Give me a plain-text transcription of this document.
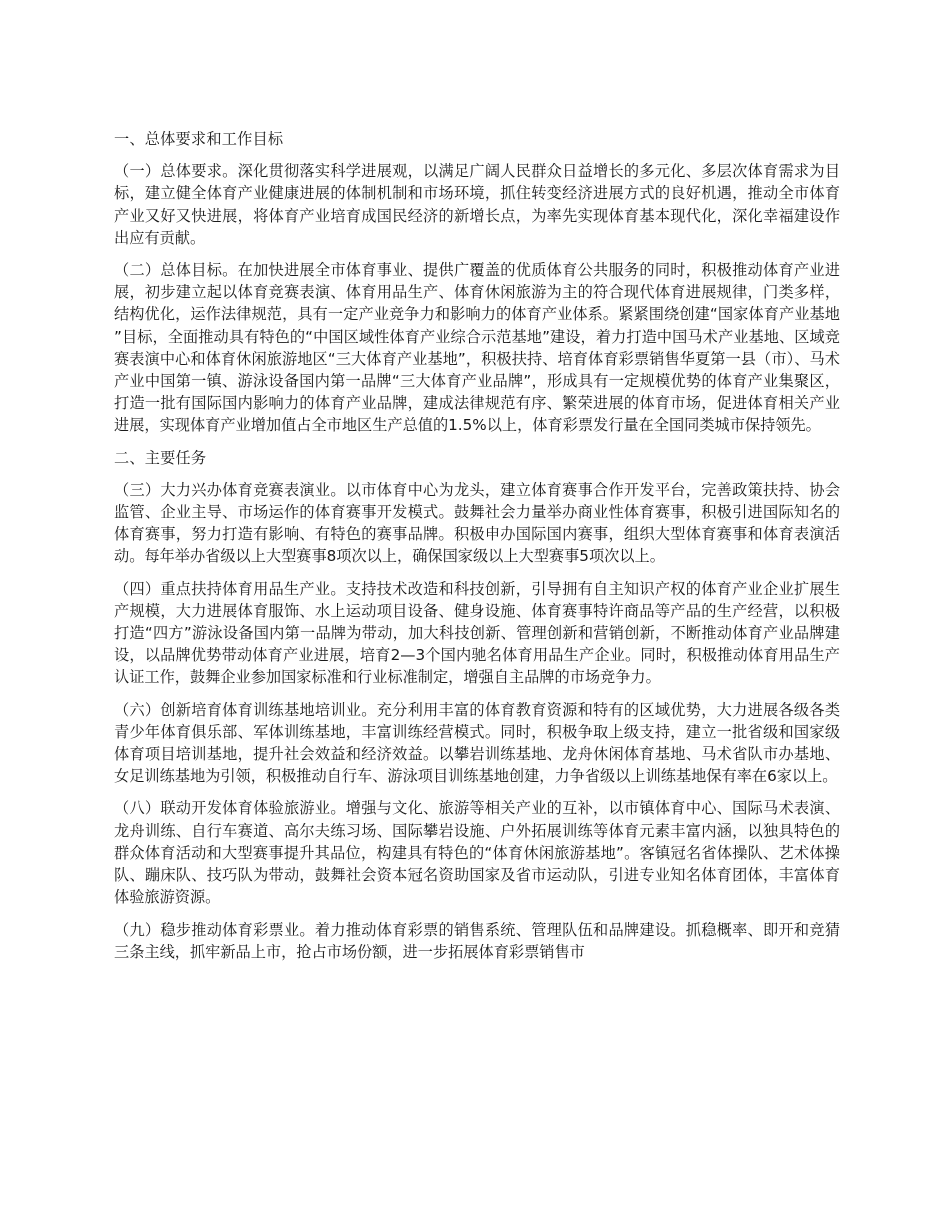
一、总体要求和工作目标
（一）总体要求。深化贯彻落实科学进展观，以满足广阔人民群众日益增长的多元化、多层次体育需求为目标，建立健全体育产业健康进展的体制机制和市场环境，抓住转变经济进展方式的良好机遇，推动全市体育产业又好又快进展，将体育产业培育成国民经济的新增长点，为率先实现体育基本现代化，深化幸福建设作出应有贡献。
（二）总体目标。在加快进展全市体育事业、提供广覆盖的优质体育公共服务的同时，积极推动体育产业进展，初步建立起以体育竞赛表演、体育用品生产、体育休闲旅游为主的符合现代体育进展规律，门类多样，结构优化，运作法律规范，具有一定产业竞争力和影响力的体育产业体系。紧紧围绕创建“国家体育产业基地”目标，全面推动具有特色的“中国区域性体育产业综合示范基地”建设，着力打造中国马术产业基地、区域竞赛表演中心和体育休闲旅游地区“三大体育产业基地”，积极扶持、培育体育彩票销售华夏第一县（市）、马术产业中国第一镇、游泳设备国内第一品牌“三大体育产业品牌”，形成具有一定规模优势的体育产业集聚区，打造一批有国际国内影响力的体育产业品牌，建成法律规范有序、繁荣进展的体育市场，促进体育相关产业进展，实现体育产业增加值占全市地区生产总值的1.5%以上，体育彩票发行量在全国同类城市保持领先。
二、主要任务
（三）大力兴办体育竞赛表演业。以市体育中心为龙头，建立体育赛事合作开发平台，完善政策扶持、协会监管、企业主导、市场运作的体育赛事开发模式。鼓舞社会力量举办商业性体育赛事，积极引进国际知名的体育赛事，努力打造有影响、有特色的赛事品牌。积极申办国际国内赛事，组织大型体育赛事和体育表演活动。每年举办省级以上大型赛事8项次以上，确保国家级以上大型赛事5项次以上。
（四）重点扶持体育用品生产业。支持技术改造和科技创新，引导拥有自主知识产权的体育产业企业扩展生产规模，大力进展体育服饰、水上运动项目设备、健身设施、体育赛事特许商品等产品的生产经营，以积极打造“四方”游泳设备国内第一品牌为带动，加大科技创新、管理创新和营销创新，不断推动体育产业品牌建设，以品牌优势带动体育产业进展，培育2—3个国内驰名体育用品生产企业。同时，积极推动体育用品生产认证工作，鼓舞企业参加国家标准和行业标准制定，增强自主品牌的市场竞争力。
（六）创新培育体育训练基地培训业。充分利用丰富的体育教育资源和特有的区域优势，大力进展各级各类青少年体育俱乐部、军体训练基地，丰富训练经营模式。同时，积极争取上级支持，建立一批省级和国家级体育项目培训基地，提升社会效益和经济效益。以攀岩训练基地、龙舟休闲体育基地、马术省队市办基地、女足训练基地为引领，积极推动自行车、游泳项目训练基地创建，力争省级以上训练基地保有率在6家以上。
（八）联动开发体育体验旅游业。增强与文化、旅游等相关产业的互补，以市镇体育中心、国际马术表演、龙舟训练、自行车赛道、高尔夫练习场、国际攀岩设施、户外拓展训练等体育元素丰富内涵，以独具特色的群众体育活动和大型赛事提升其品位，构建具有特色的“体育休闲旅游基地”。客镇冠名省体操队、艺术体操队、蹦床队、技巧队为带动，鼓舞社会资本冠名资助国家及省市运动队，引进专业知名体育团体，丰富体育体验旅游资源。
（九）稳步推动体育彩票业。着力推动体育彩票的销售系统、管理队伍和品牌建设。抓稳概率、即开和竞猜三条主线，抓牢新品上市，抢占市场份额，进一步拓展体育彩票销售市
